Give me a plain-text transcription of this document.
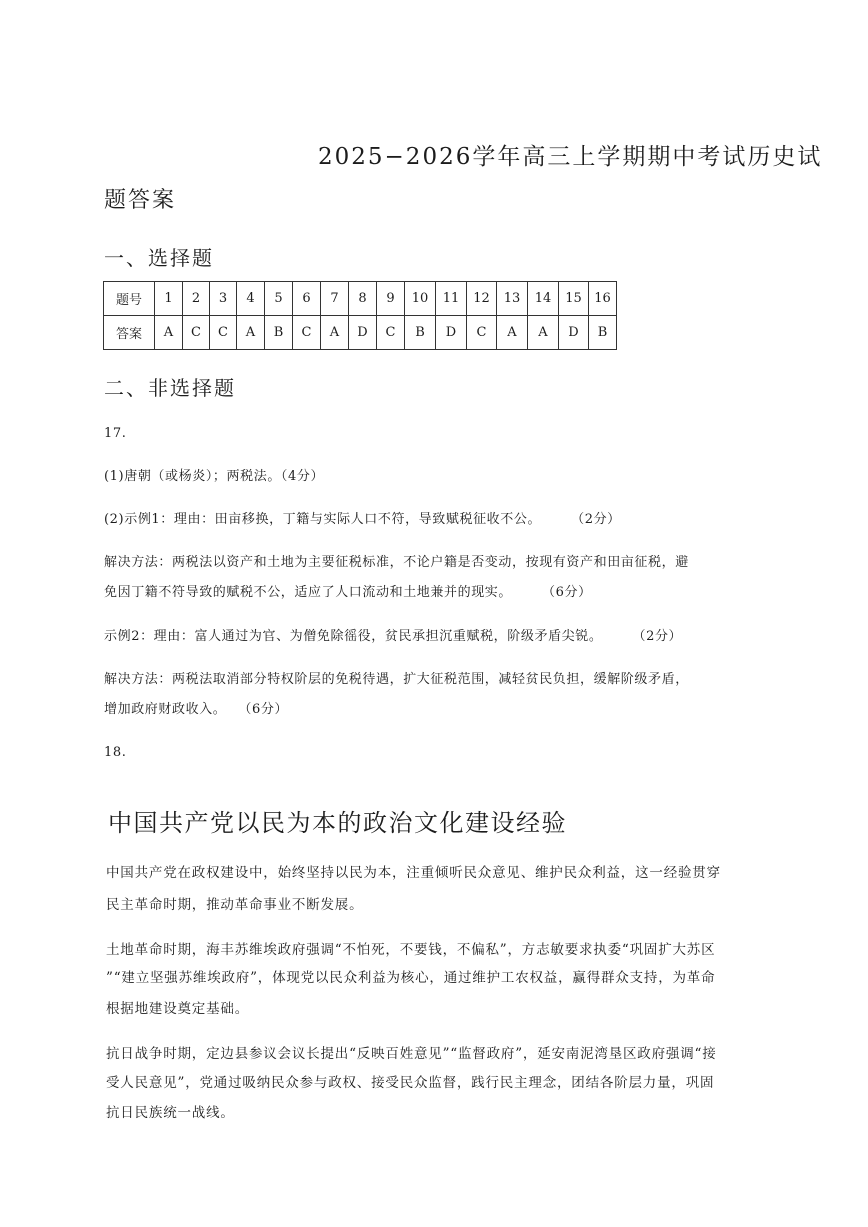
2025−2026学年高三上学期期中考试历史试
题答案
一、选择题
题号	1	2	3	4	5	6	7	8	9	10	11	12	13	14	15	16
答案	A	C	C	A	B	C	A	D	C	B	D	C	A	A	D	B
二、非选择题
17.
(1)唐朝（或杨炎）；两税法。（4分）
(2)示例1：理由：田亩移换，丁籍与实际人口不符，导致赋税征收不公。 （2分）
解决方法：两税法以资产和土地为主要征税标准，不论户籍是否变动，按现有资产和田亩征税，避
免因丁籍不符导致的赋税不公，适应了人口流动和土地兼并的现实。 （6分）
示例2：理由：富人通过为官、为僧免除徭役，贫民承担沉重赋税，阶级矛盾尖锐。 （2分）
解决方法：两税法取消部分特权阶层的免税待遇，扩大征税范围，减轻贫民负担，缓解阶级矛盾，
增加政府财政收入。 （6分）
18.
中国共产党以民为本的政治文化建设经验
中国共产党在政权建设中，始终坚持以民为本，注重倾听民众意见、维护民众利益，这一经验贯穿
民主革命时期，推动革命事业不断发展。
土地革命时期，海丰苏维埃政府强调“不怕死，不要钱，不偏私”，方志敏要求执委“巩固扩大苏区
”“建立坚强苏维埃政府”，体现党以民众利益为核心，通过维护工农权益，赢得群众支持，为革命
根据地建设奠定基础。
抗日战争时期，定边县参议会议长提出“反映百姓意见”“监督政府”，延安南泥湾垦区政府强调“接
受人民意见”，党通过吸纳民众参与政权、接受民众监督，践行民主理念，团结各阶层力量，巩固
抗日民族统一战线。
